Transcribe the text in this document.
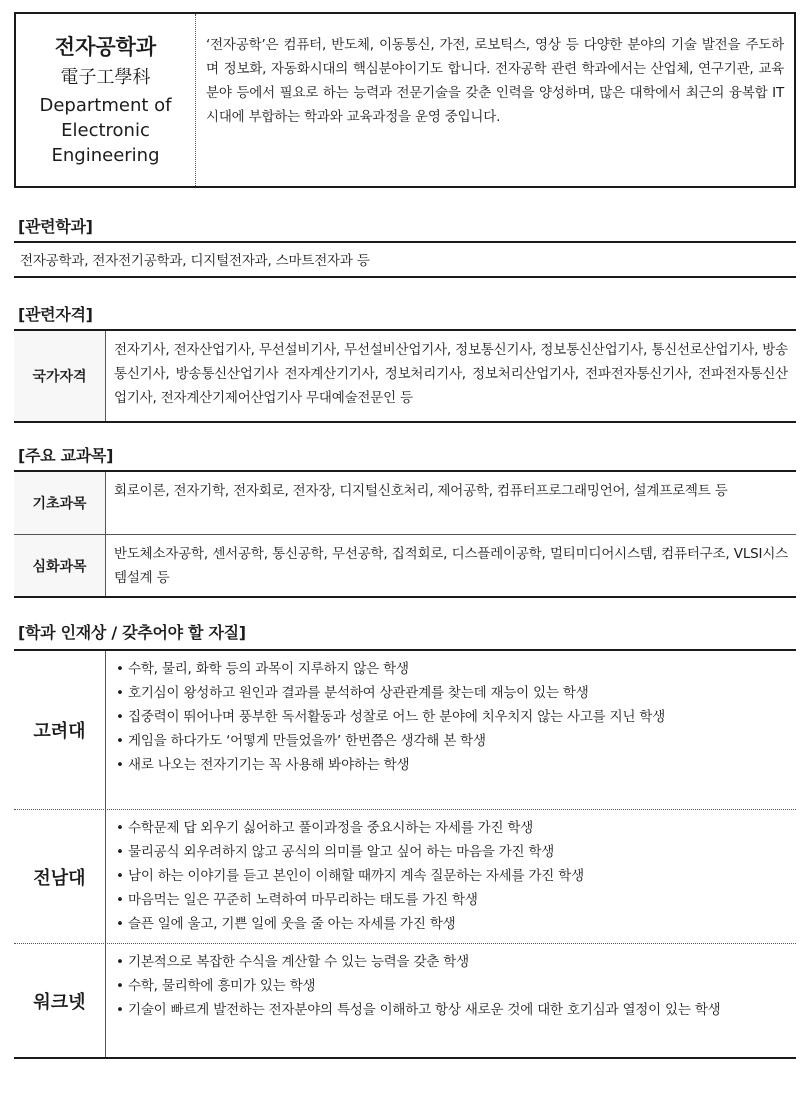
전자공학과
電子工學科
Department of
Electronic
Engineering
‘전자공학’은 컴퓨터, 반도체, 이동통신, 가전, 로보틱스, 영상 등 다양한 분야의 기술 발전을 주도하며 정보화, 자동화시대의 핵심분야이기도 합니다. 전자공학 관련 학과에서는 산업체, 연구기관, 교육 분야 등에서 필요로 하는 능력과 전문기술을 갖춘 인력을 양성하며, 많은 대학에서 최근의 융복합 IT시대에 부합하는 학과와 교육과정을 운영 중입니다.
[관련학과]
전자공학과, 전자전기공학과, 디지털전자과, 스마트전자과 등
[관련자격]
국가자격
전자기사, 전자산업기사, 무선설비기사, 무선설비산업기사, 정보통신기사, 정보통신산업기사, 통신선로산업기사, 방송통신기사, 방송통신산업기사 전자계산기기사, 정보처리기사, 정보처리산업기사, 전파전자통신기사, 전파전자통신산업기사, 전자계산기제어산업기사 무대예술전문인 등
[주요 교과목]
기초과목
회로이론, 전자기학, 전자회로, 전자장, 디지털신호처리, 제어공학, 컴퓨터프로그래밍언어, 설계프로젝트 등
심화과목
반도체소자공학, 센서공학, 통신공학, 무선공학, 집적회로, 디스플레이공학, 멀티미디어시스템, 컴퓨터구조, VLSI시스템설계 등
[학과 인재상 / 갖추어야 할 자질]
고려대
• 수학, 물리, 화학 등의 과목이 지루하지 않은 학생
• 호기심이 왕성하고 원인과 결과를 분석하여 상관관계를 찾는데 재능이 있는 학생
• 집중력이 뛰어나며 풍부한 독서활동과 성찰로 어느 한 분야에 치우치지 않는 사고를 지닌 학생
• 게임을 하다가도 ‘어떻게 만들었을까’ 한번쯤은 생각해 본 학생
• 새로 나오는 전자기기는 꼭 사용해 봐야하는 학생
전남대
• 수학문제 답 외우기 싫어하고 풀이과정을 중요시하는 자세를 가진 학생
• 물리공식 외우려하지 않고 공식의 의미를 알고 싶어 하는 마음을 가진 학생
• 남이 하는 이야기를 듣고 본인이 이해할 때까지 계속 질문하는 자세를 가진 학생
• 마음먹는 일은 꾸준히 노력하여 마무리하는 태도를 가진 학생
• 슬픈 일에 울고, 기쁜 일에 웃을 줄 아는 자세를 가진 학생
워크넷
• 기본적으로 복잡한 수식을 계산할 수 있는 능력을 갖춘 학생
• 수학, 물리학에 흥미가 있는 학생
• 기술이 빠르게 발전하는 전자분야의 특성을 이해하고 항상 새로운 것에 대한 호기심과 열정이 있는 학생
